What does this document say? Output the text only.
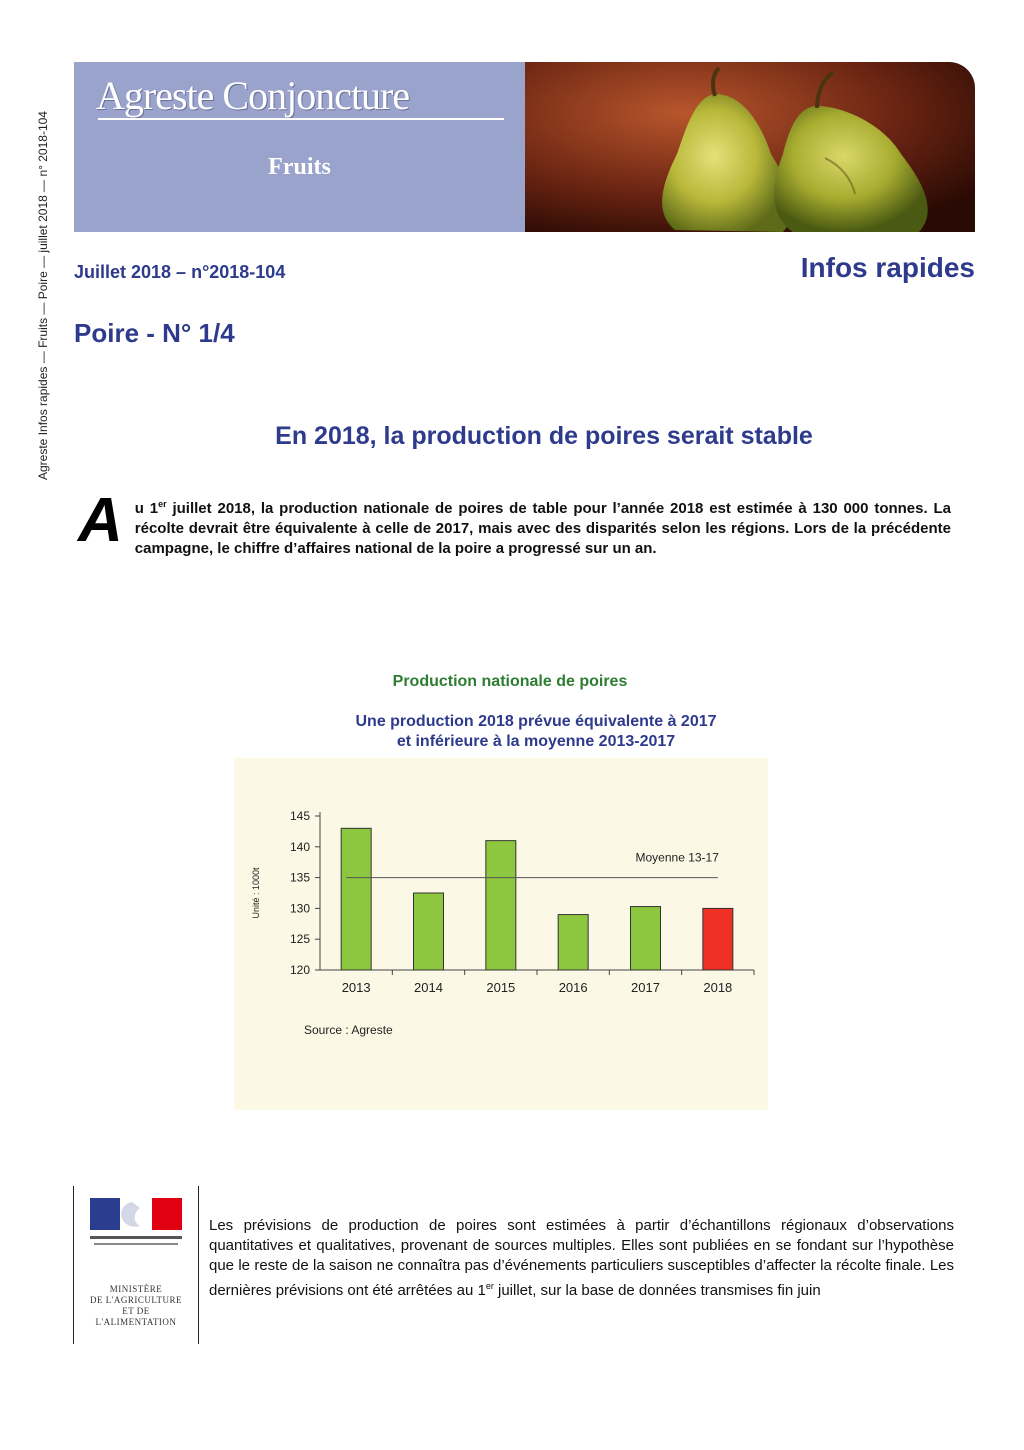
Agreste Infos rapides — Fruits — Poire — juillet 2018 — n° 2018-104
Agreste Conjoncture
Fruits
Juillet 2018 – n°2018-104	Infos rapides
Poire - N° 1/4
En 2018, la production de poires serait stable
Au 1er juillet 2018, la production nationale de poires de table pour l’année 2018 est estimée à 130 000 tonnes. La récolte devrait être équivalente à celle de 2017, mais avec des disparités selon les régions. Lors de la précédente campagne, le chiffre d’affaires national de la poire a progressé sur un an.
Production nationale de poires
Une production 2018 prévue équivalente à 2017
et inférieure à la moyenne 2013-2017
120
125
130
135
140
145
2013	2014	2015	2016	2017	2018
Moyenne 13-17
Unité : 1000t
Source : Agreste
MINISTÈRE
DE L'AGRICULTURE
ET DE
L'ALIMENTATION
Les prévisions de production de poires sont estimées à partir d’échantillons régionaux d’observations quantitatives et qualitatives, provenant de sources multiples. Elles sont publiées en se fondant sur l’hypothèse que le reste de la saison ne connaîtra pas d’événements particuliers susceptibles d’affecter la récolte finale. Les dernières prévisions ont été arrêtées au 1er juillet, sur la base de données transmises fin juin
